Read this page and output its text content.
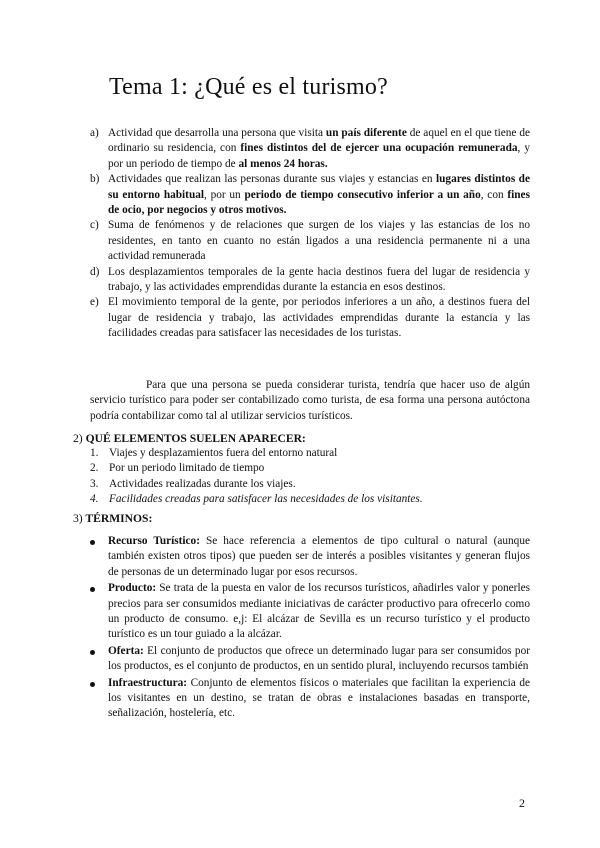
Tema 1: ¿Qué es el turismo?
a) Actividad que desarrolla una persona que visita un país diferente de aquel en el que tiene de ordinario su residencia, con fines distintos del de ejercer una ocupación remunerada, y por un periodo de tiempo de al menos 24 horas.
b) Actividades que realizan las personas durante sus viajes y estancias en lugares distintos de su entorno habitual, por un periodo de tiempo consecutivo inferior a un año, con fines de ocio, por negocios y otros motivos.
c) Suma de fenómenos y de relaciones que surgen de los viajes y las estancias de los no residentes, en tanto en cuanto no están ligados a una residencia permanente ni a una actividad remunerada
d) Los desplazamientos temporales de la gente hacia destinos fuera del lugar de residencia y trabajo, y las actividades emprendidas durante la estancia en esos destinos.
e) El movimiento temporal de la gente, por periodos inferiores a un año, a destinos fuera del lugar de residencia y trabajo, las actividades emprendidas durante la estancia y las facilidades creadas para satisfacer las necesidades de los turistas.

Para que una persona se pueda considerar turista, tendría que hacer uso de algún servicio turístico para poder ser contabilizado como turista, de esa forma una persona autóctona podría contabilizar como tal al utilizar servicios turísticos.

2) QUÉ ELEMENTOS SUELEN APARECER:

1. Viajes y desplazamientos fuera del entorno natural
2. Por un periodo limitado de tiempo
3. Actividades realizadas durante los viajes.
4. Facilidades creadas para satisfacer las necesidades de los visitantes.

3) TÉRMINOS:

Recurso Turístico: Se hace referencia a elementos de tipo cultural o natural (aunque también existen otros tipos) que pueden ser de interés a posibles visitantes y generan flujos de personas de un determinado lugar por esos recursos.
Producto: Se trata de la puesta en valor de los recursos turísticos, añadirles valor y ponerles precios para ser consumidos mediante iniciativas de carácter productivo para ofrecerlo como un producto de consumo. e,j: El alcázar de Sevilla es un recurso turístico y el producto turístico es un tour guiado a la alcázar.
Oferta: El conjunto de productos que ofrece un determinado lugar para ser consumidos por los productos, es el conjunto de productos, en un sentido plural, incluyendo recursos también
Infraestructura: Conjunto de elementos físicos o materiales que facilitan la experiencia de los visitantes en un destino, se tratan de obras e instalaciones basadas en transporte, señalización, hostelería, etc.
2
